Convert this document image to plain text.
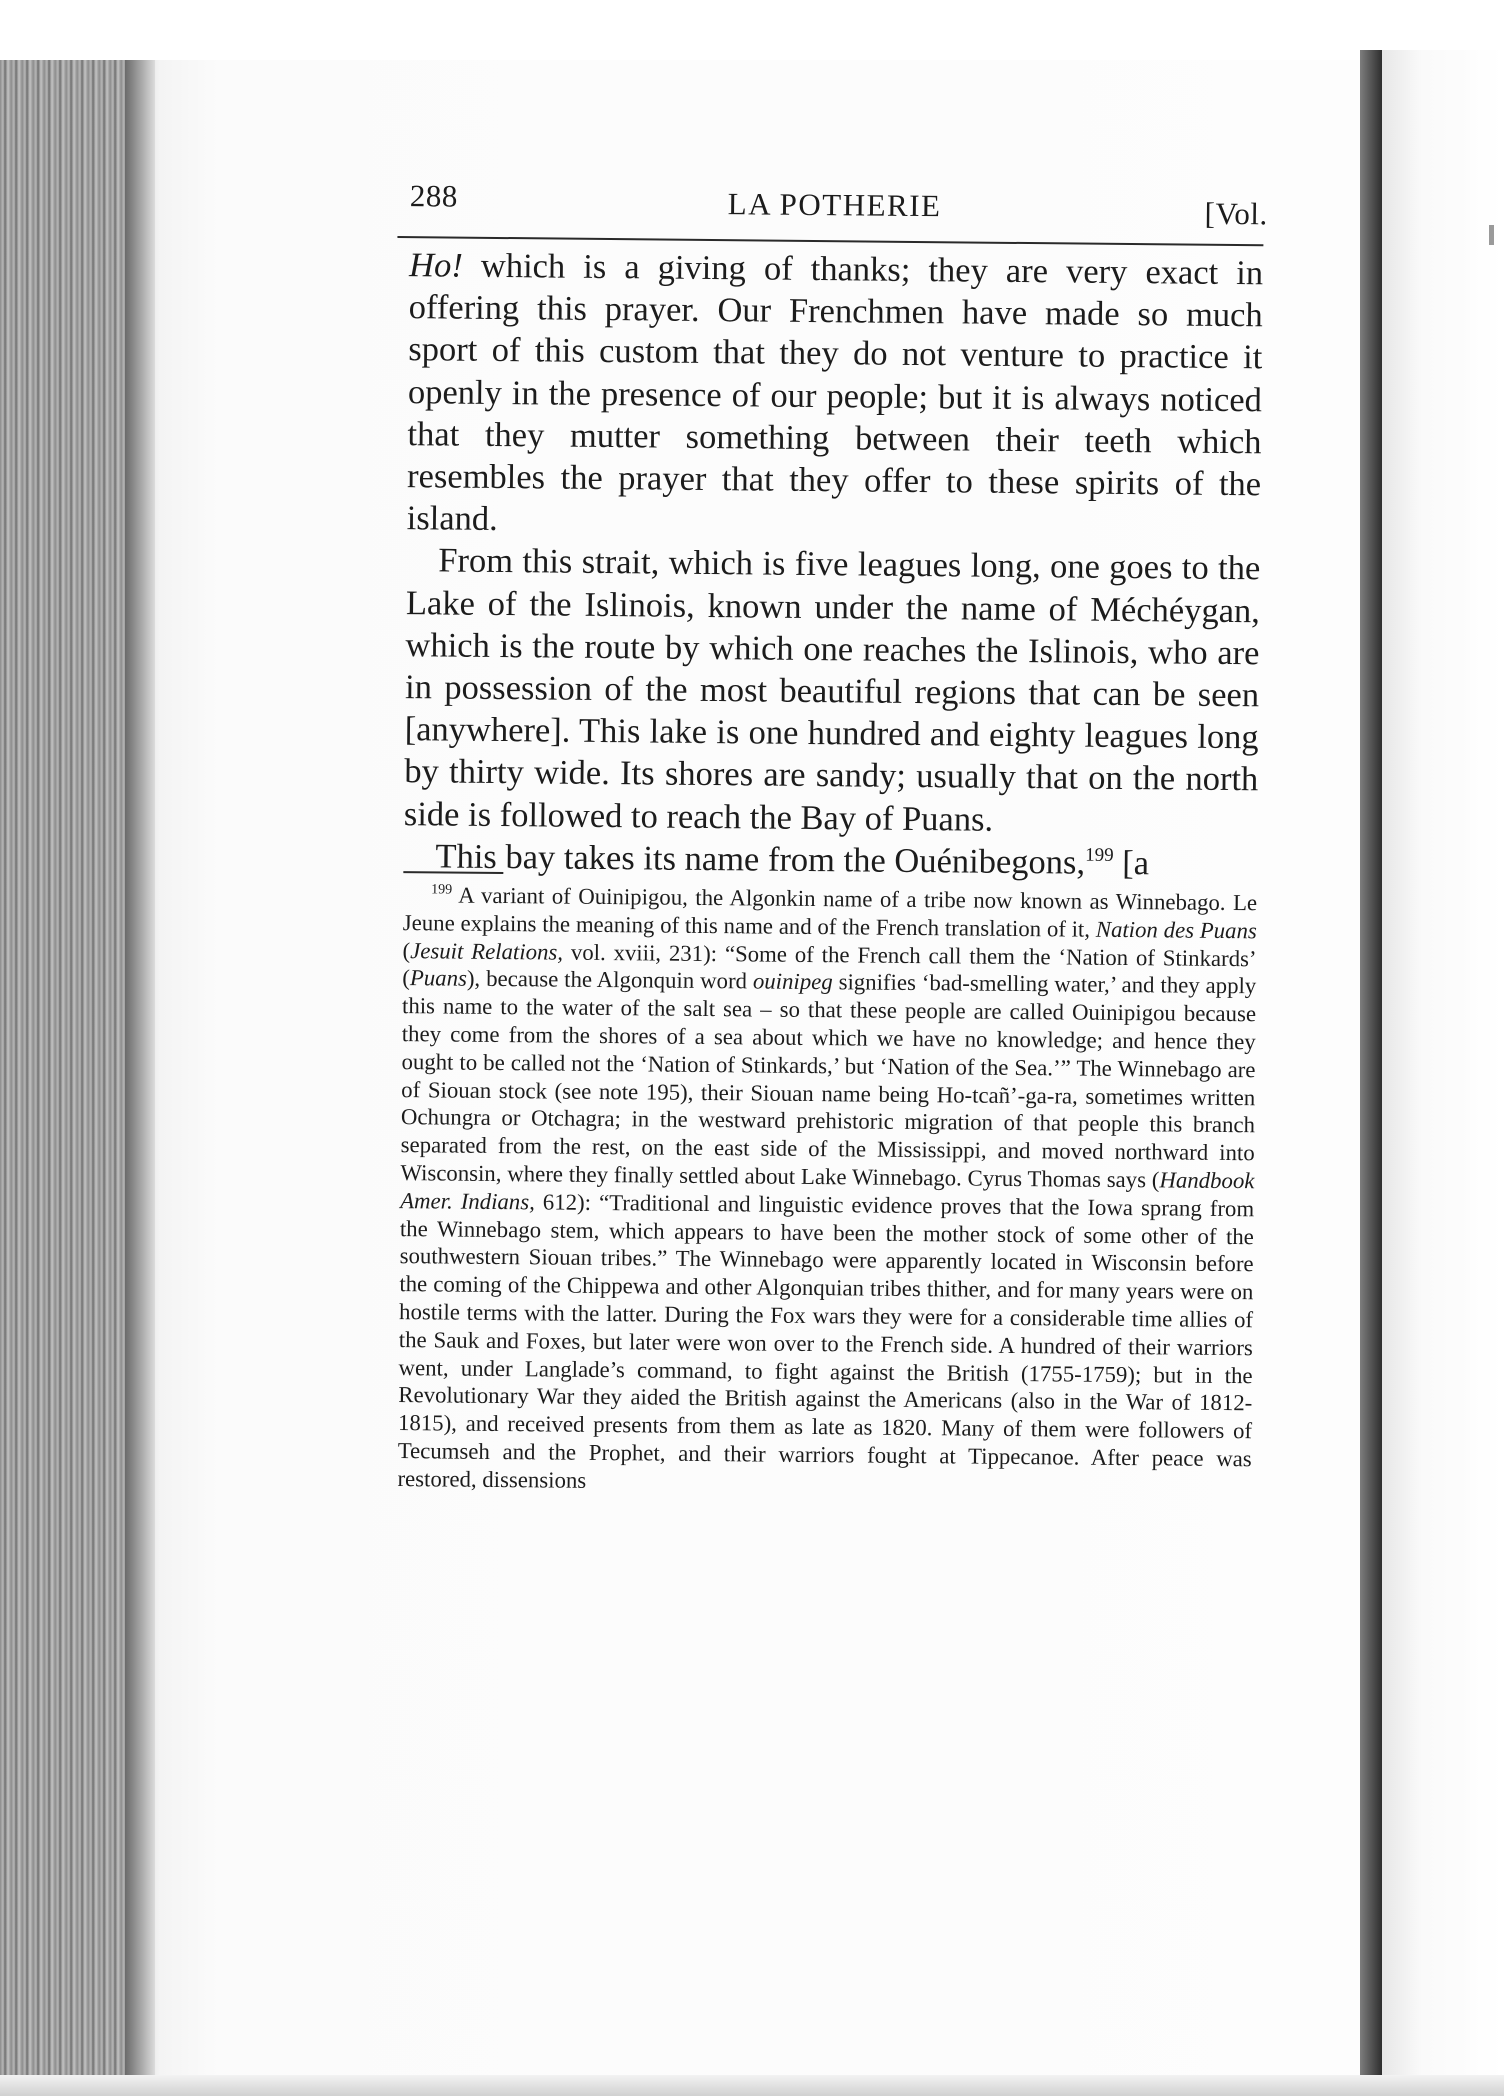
288	LA POTHERIE	[Vol.

Ho! which is a giving of thanks; they are very exact in offering this prayer. Our Frenchmen have made so much sport of this custom that they do not venture to practice it openly in the presence of our people; but it is always noticed that they mutter something between their teeth which resembles the prayer that they offer to these spirits of the island.

From this strait, which is five leagues long, one goes to the Lake of the Islinois, known under the name of Méchéygan, which is the route by which one reaches the Islinois, who are in possession of the most beautiful regions that can be seen [anywhere]. This lake is one hundred and eighty leagues long by thirty wide. Its shores are sandy; usually that on the north side is followed to reach the Bay of Puans.

This bay takes its name from the Ouénibegons,$^{199}$ [a

$^{199}$ A variant of Ouinipigou, the Algonkin name of a tribe now known as Winnebago. Le Jeune explains the meaning of this name and of the French translation of it, Nation des Puans (Jesuit Relations, vol. xviii, 231): “Some of the French call them the ‘Nation of Stinkards’ (Puans), because the Algonquin word ouinipeg signifies ‘bad-smelling water,’ and they apply this name to the water of the salt sea – so that these people are called Ouinipigou because they come from the shores of a sea about which we have no knowledge; and hence they ought to be called not the ‘Nation of Stinkards,’ but ‘Nation of the Sea.’” The Winnebago are of Siouan stock (see note 195), their Siouan name being Ho-tcañ’-ga-ra, sometimes written Ochungra or Otchagra; in the westward prehistoric migration of that people this branch separated from the rest, on the east side of the Mississippi, and moved northward into Wisconsin, where they finally settled about Lake Winnebago. Cyrus Thomas says (Handbook Amer. Indians, 612): “Traditional and linguistic evidence proves that the Iowa sprang from the Winnebago stem, which appears to have been the mother stock of some other of the southwestern Siouan tribes.” The Winnebago were apparently located in Wisconsin before the coming of the Chippewa and other Algonquian tribes thither, and for many years were on hostile terms with the latter. During the Fox wars they were for a considerable time allies of the Sauk and Foxes, but later were won over to the French side. A hundred of their warriors went, under Langlade’s command, to fight against the British (1755-1759); but in the Revolutionary War they aided the British against the Americans (also in the War of 1812-1815), and received presents from them as late as 1820. Many of them were followers of Tecumseh and the Prophet, and their warriors fought at Tippecanoe. After peace was restored, dissensions
